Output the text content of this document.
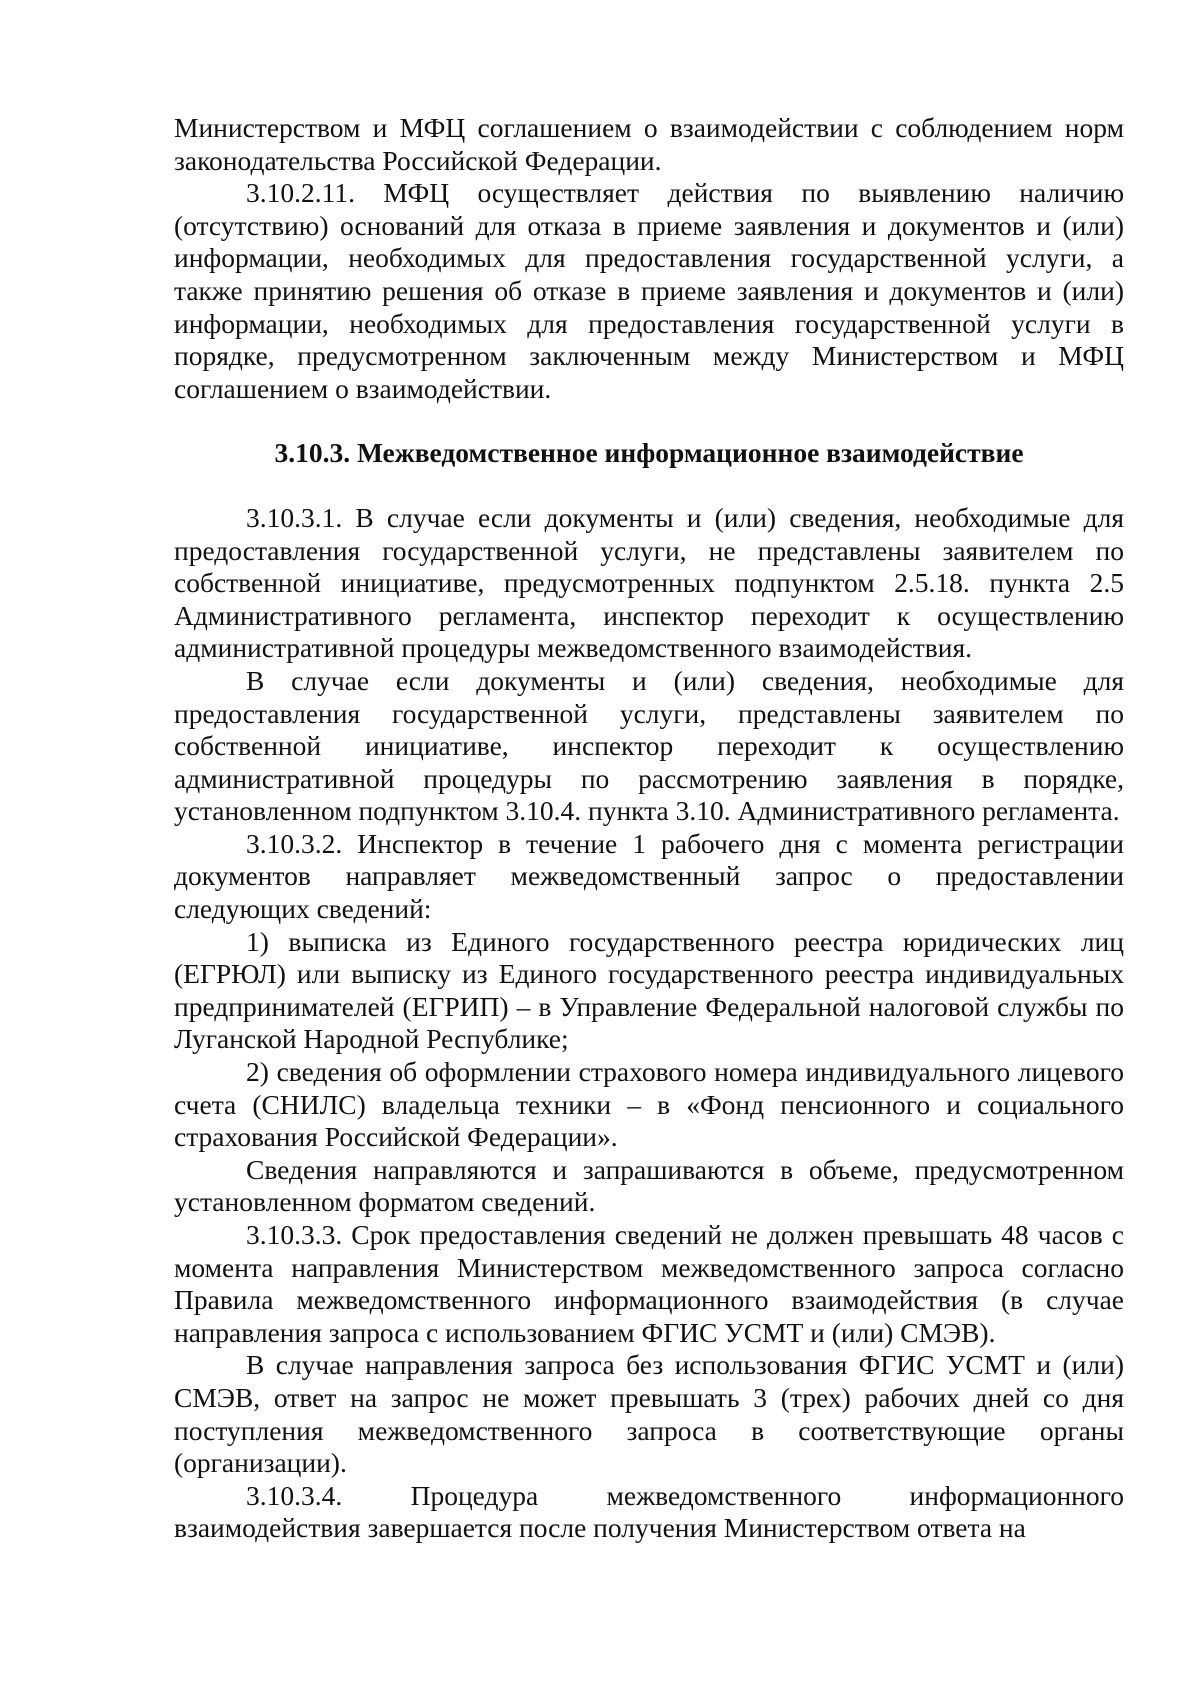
Министерством и МФЦ соглашением о взаимодействии с соблюдением норм законодательства Российской Федерации.

3.10.2.11. МФЦ осуществляет действия по выявлению наличию (отсутствию) оснований для отказа в приеме заявления и документов и (или) информации, необходимых для предоставления государственной услуги, а также принятию решения об отказе в приеме заявления и документов и (или) информации, необходимых для предоставления государственной услуги в порядке, предусмотренном заключенным между Министерством и МФЦ соглашением о взаимодействии.

3.10.3. Межведомственное информационное взаимодействие

3.10.3.1. В случае если документы и (или) сведения, необходимые для предоставления государственной услуги, не представлены заявителем по собственной инициативе, предусмотренных подпунктом 2.5.18. пункта 2.5 Административного регламента, инспектор переходит к осуществлению административной процедуры межведомственного взаимодействия.

В случае если документы и (или) сведения, необходимые для предоставления государственной услуги, представлены заявителем по собственной инициативе, инспектор переходит к осуществлению административной процедуры по рассмотрению заявления в порядке, установленном подпунктом 3.10.4. пункта 3.10. Административного регламента.

3.10.3.2. Инспектор в течение 1 рабочего дня с момента регистрации документов направляет межведомственный запрос о предоставлении следующих сведений:

1) выписка из Единого государственного реестра юридических лиц (ЕГРЮЛ) или выписку из Единого государственного реестра индивидуальных предпринимателей (ЕГРИП) – в Управление Федеральной налоговой службы по Луганской Народной Республике;

2) сведения об оформлении страхового номера индивидуального лицевого счета (СНИЛС) владельца техники – в «Фонд пенсионного и социального страхования Российской Федерации».

Сведения направляются и запрашиваются в объеме, предусмотренном установленном форматом сведений.

3.10.3.3. Срок предоставления сведений не должен превышать 48 часов с момента направления Министерством межведомственного запроса согласно Правила межведомственного информационного взаимодействия (в случае направления запроса с использованием ФГИС УСМТ и (или) СМЭВ).

В случае направления запроса без использования ФГИС УСМТ и (или) СМЭВ, ответ на запрос не может превышать 3 (трех) рабочих дней со дня поступления межведомственного запроса в соответствующие органы (организации).

3.10.3.4. Процедура межведомственного информационного взаимодействия завершается после получения Министерством ответа на
